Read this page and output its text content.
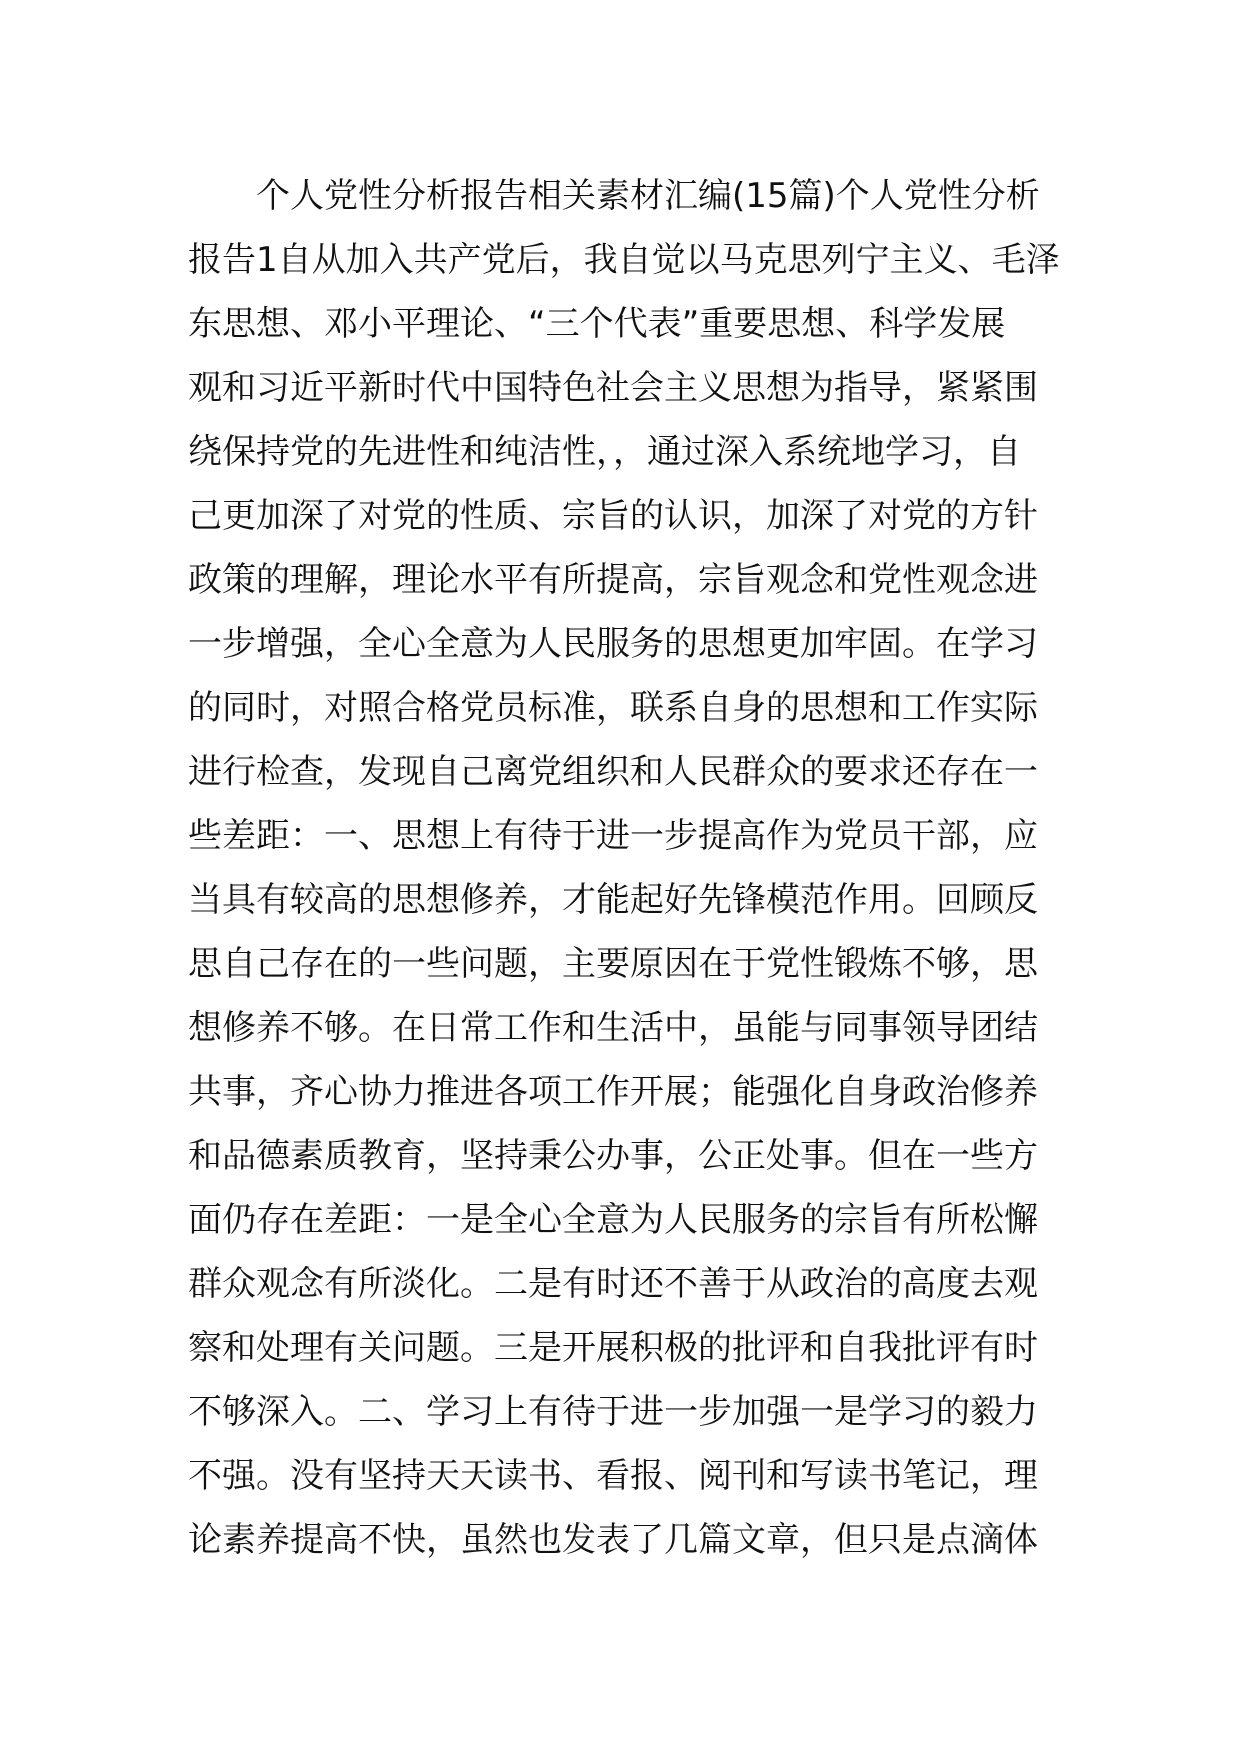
个人党性分析报告相关素材汇编(15篇)个人党性分析
报告1自从加入共产党后，我自觉以马克思列宁主义、毛泽
东思想、邓小平理论、“三个代表”重要思想、科学发展
观和习近平新时代中国特色社会主义思想为指导，紧紧围
绕保持党的先进性和纯洁性，，通过深入系统地学习，自
己更加深了对党的性质、宗旨的认识，加深了对党的方针
政策的理解，理论水平有所提高，宗旨观念和党性观念进
一步增强，全心全意为人民服务的思想更加牢固。在学习
的同时，对照合格党员标准，联系自身的思想和工作实际
进行检查，发现自己离党组织和人民群众的要求还存在一
些差距：一、思想上有待于进一步提高作为党员干部，应
当具有较高的思想修养，才能起好先锋模范作用。回顾反
思自己存在的一些问题，主要原因在于党性锻炼不够，思
想修养不够。在日常工作和生活中，虽能与同事领导团结
共事，齐心协力推进各项工作开展；能强化自身政治修养
和品德素质教育，坚持秉公办事，公正处事。但在一些方
面仍存在差距：一是全心全意为人民服务的宗旨有所松懈
群众观念有所淡化。二是有时还不善于从政治的高度去观
察和处理有关问题。三是开展积极的批评和自我批评有时
不够深入。二、学习上有待于进一步加强一是学习的毅力
不强。没有坚持天天读书、看报、阅刊和写读书笔记，理
论素养提高不快，虽然也发表了几篇文章，但只是点滴体
